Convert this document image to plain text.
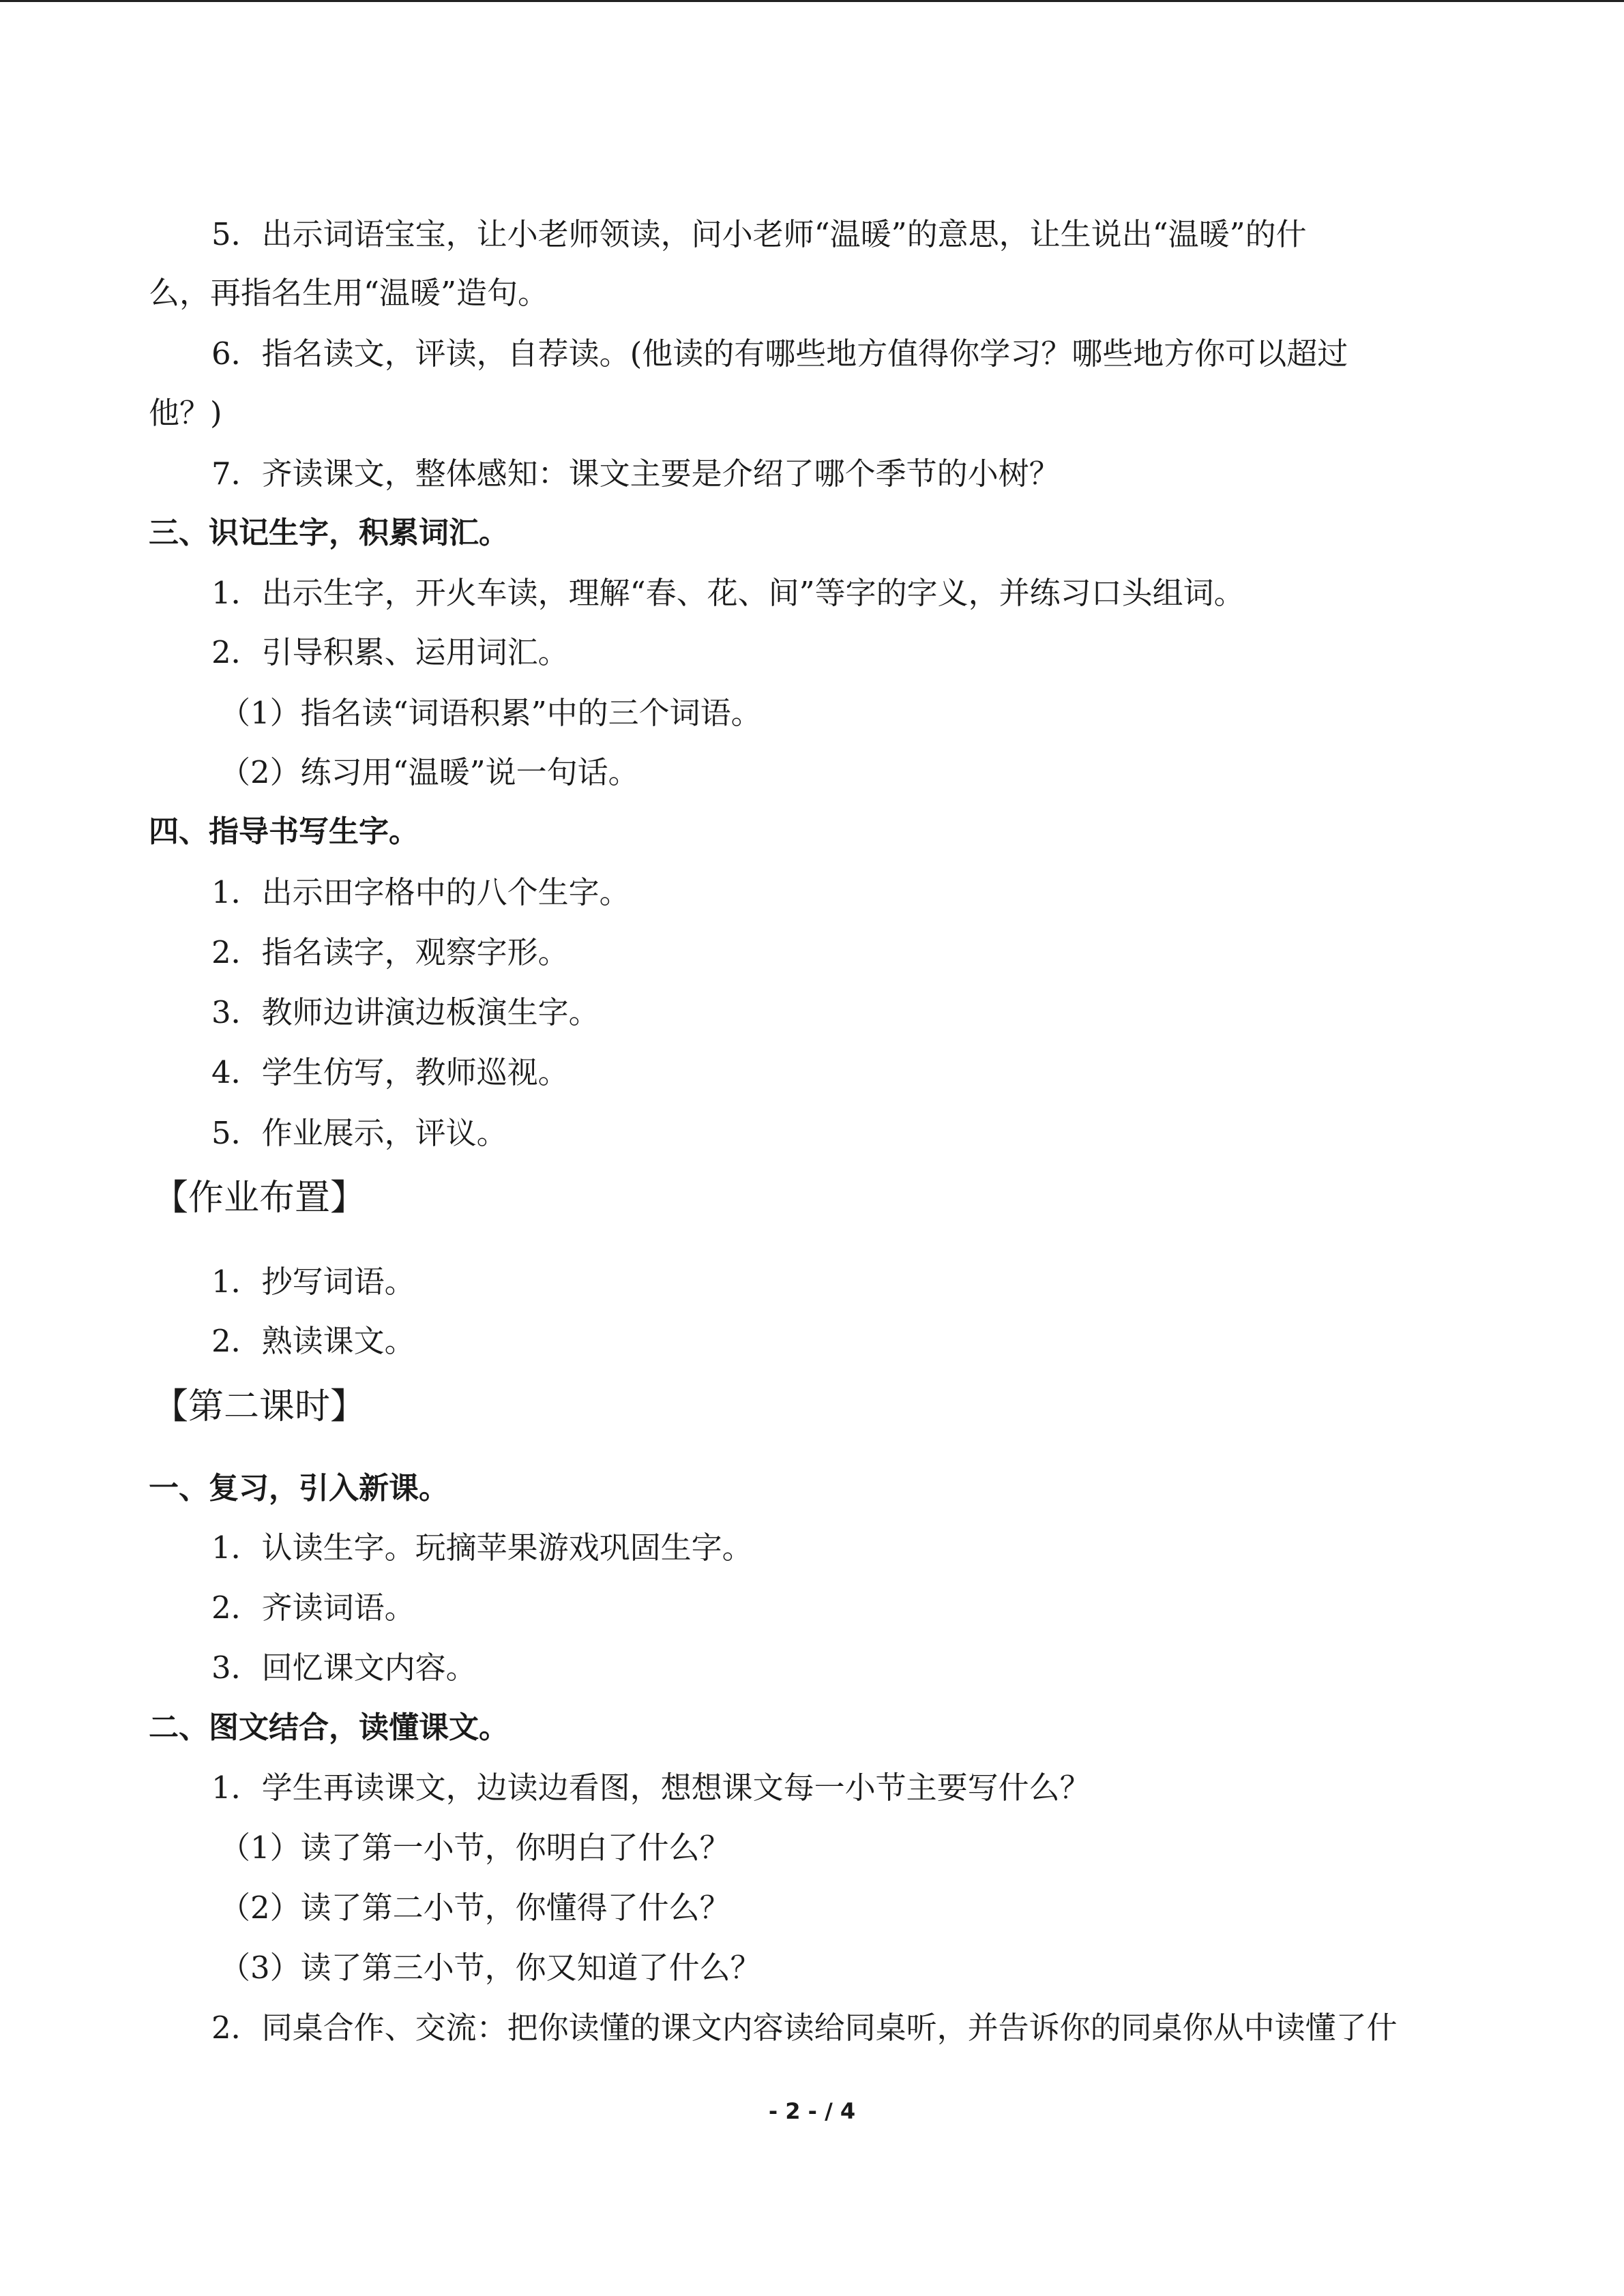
5．出示词语宝宝，让小老师领读，问小老师“温暖”的意思，让生说出“温暖”的什
么，再指名生用“温暖”造句。
6．指名读文，评读，自荐读。(他读的有哪些地方值得你学习？哪些地方你可以超过
他？)
7．齐读课文，整体感知：课文主要是介绍了哪个季节的小树？
三、识记生字，积累词汇。
1．出示生字，开火车读，理解“春、花、间”等字的字义，并练习口头组词。
2．引导积累、运用词汇。
（1）指名读“词语积累”中的三个词语。
（2）练习用“温暖”说一句话。
四、指导书写生字。
1．出示田字格中的八个生字。
2．指名读字，观察字形。
3．教师边讲演边板演生字。
4．学生仿写，教师巡视。
5．作业展示，评议。
【作业布置】
1．抄写词语。
2．熟读课文。
【第二课时】
一、复习，引入新课。
1．认读生字。玩摘苹果游戏巩固生字。
2．齐读词语。
3．回忆课文内容。
二、图文结合，读懂课文。
1．学生再读课文，边读边看图，想想课文每一小节主要写什么？
（1）读了第一小节，你明白了什么？
（2）读了第二小节，你懂得了什么？
（3）读了第三小节，你又知道了什么？
2．同桌合作、交流：把你读懂的课文内容读给同桌听，并告诉你的同桌你从中读懂了什
- 2 - / 4
